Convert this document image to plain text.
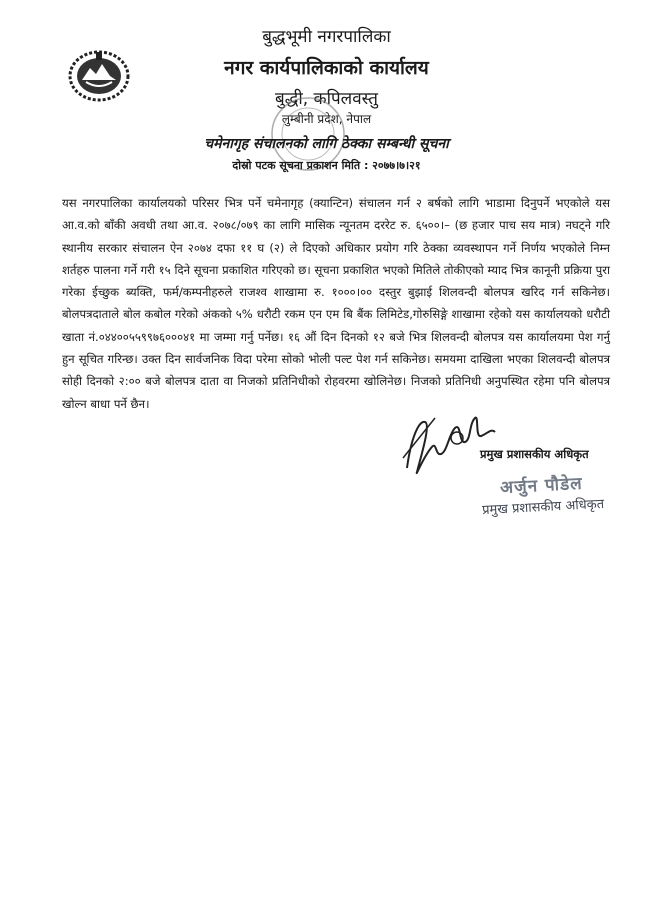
बुद्धभूमी नगरपालिका
नगर कार्यपालिकाको कार्यालय
बुद्धी, कपिलवस्तु
लुम्बीनी प्रदेश, नेपाल
चमेनागृह संचालनको लागि ठेक्का सम्बन्धी सूचना
दोस्रो पटक सूचना प्रकाशन मिति : २०७७।७।२१
यस नगरपालिका कार्यालयको परिसर भित्र पर्ने चमेनागृह (क्यान्टिन) संचालन गर्न २ बर्षको लागि भाडामा दिनुपर्ने भएकोले यस आ.व.को बाँकी अवधी तथा आ.व. २०७८/०७९ का लागि मासिक न्यूनतम दररेट रु. ६५००।– (छ हजार पाच सय मात्र) नघट्ने गरि स्थानीय सरकार संचालन ऐन २०७४ दफा ११ घ (२) ले दिएको अधिकार प्रयोग गरि ठेक्का व्यवस्थापन गर्ने निर्णय भएकोले निम्न शर्तहरु पालना गर्ने गरी १५ दिने सूचना प्रकाशित गरिएको छ। सूचना प्रकाशित भएको मितिले तोकीएको म्याद भित्र कानूनी प्रक्रिया पुरा गरेका ईच्छुक ब्यक्ति, फर्म/कम्पनीहरुले राजश्व शाखामा रु. १०००।०० दस्तुर बुझाई शिलवन्दी बोलपत्र खरिद गर्न सकिनेछ। बोलपत्रदाताले बोल कबोल गरेको अंकको ५% धरौटी रकम एन एम बि बैंक लिमिटेड,गोरुसिङ्गे शाखामा रहेको यस कार्यालयको धरौटी खाता नं.०४४००५५९९७६०००४१ मा जम्मा गर्नु पर्नेछ। १६ औं दिन दिनको १२ बजे भित्र शिलवन्दी बोलपत्र यस कार्यालयमा पेश गर्नु हुन सूचित गरिन्छ। उक्त दिन सार्वजनिक विदा परेमा सोको भोली पल्ट पेश गर्न सकिनेछ। समयमा दाखिला भएका शिलवन्दी बोलपत्र सोही दिनको २:०० बजे बोलपत्र दाता वा निजको प्रतिनिधीको रोहवरमा खोलिनेछ। निजको प्रतिनिधी अनुपस्थित रहेमा पनि बोलपत्र खोल्न बाधा पर्ने छैन।
प्रमुख प्रशासकीय अधिकृत
अर्जुन पौडेल
प्रमुख प्रशासकीय अधिकृत
